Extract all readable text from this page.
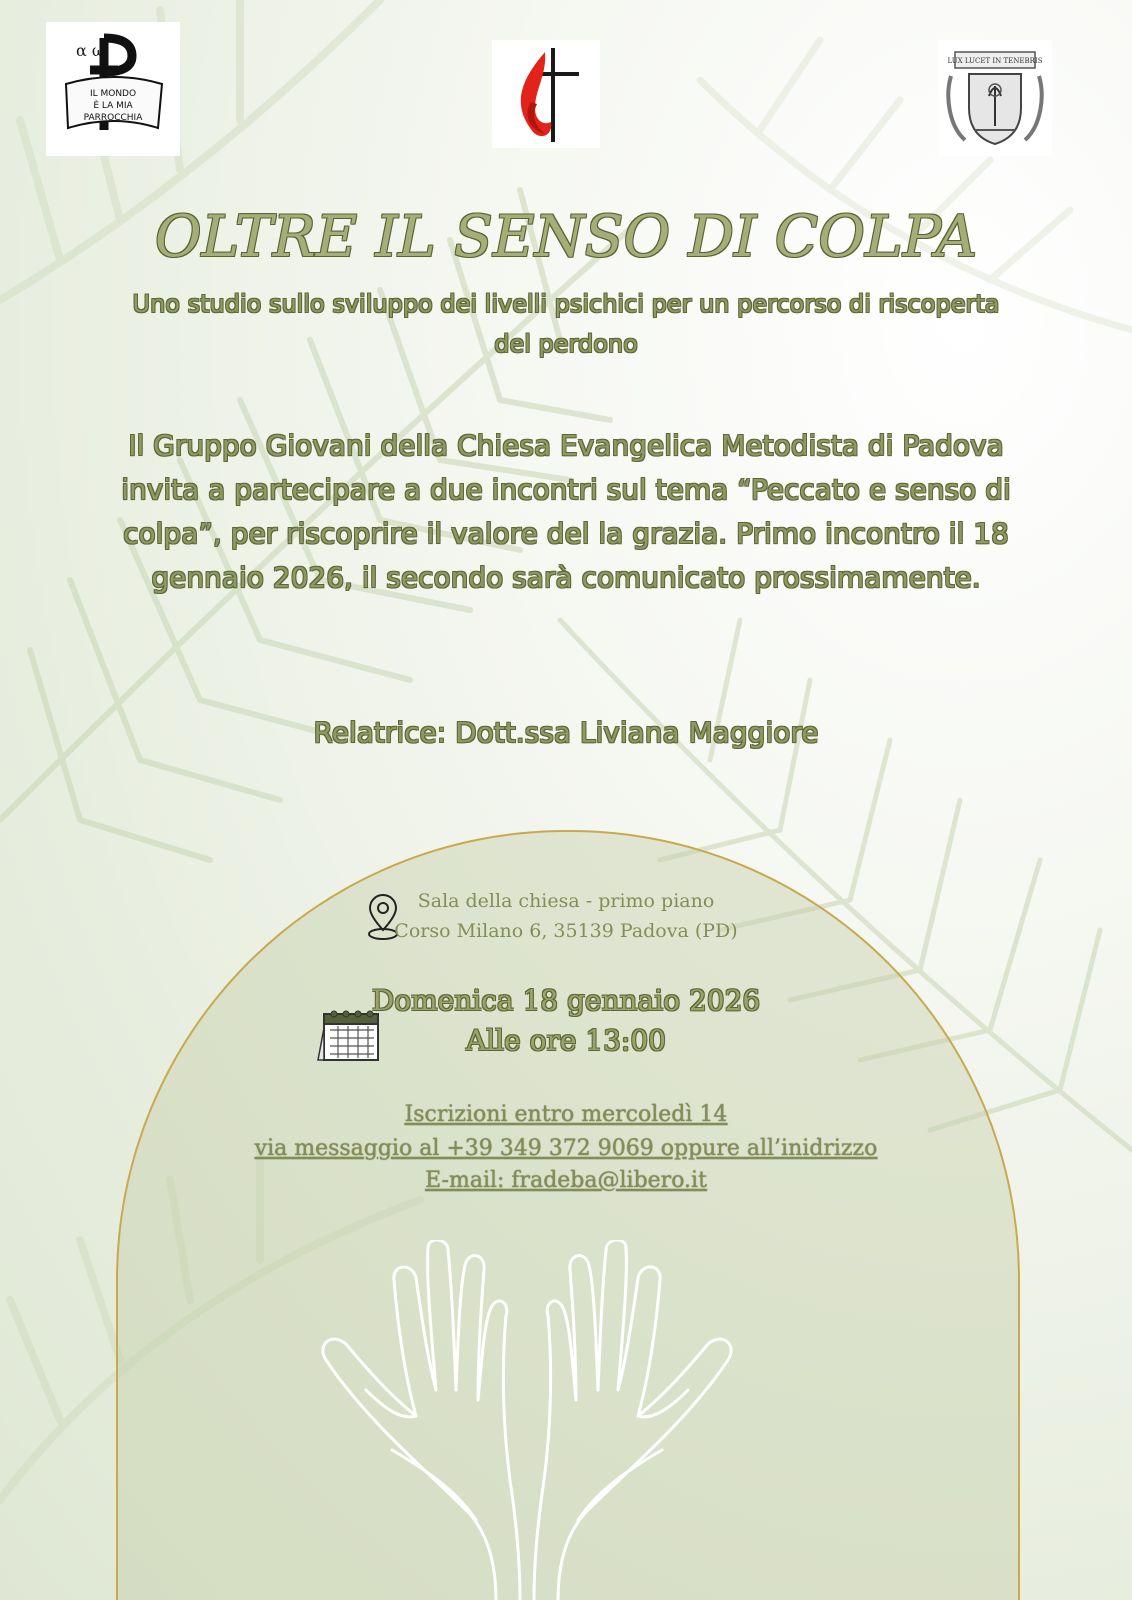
α ω
IL MONDO
È LA MIA
PARROCCHIA
LUX LUCET IN TENEBRIS
OLTRE IL SENSO DI COLPA
Uno studio sullo sviluppo dei livelli psichici per un percorso di riscoperta
del perdono
Il Gruppo Giovani della Chiesa Evangelica Metodista di Padova
invita a partecipare a due incontri sul tema “Peccato e senso di
colpa”, per riscoprire il valore del la grazia. Primo incontro il 18
gennaio 2026, il secondo sarà comunicato prossimamente.
Relatrice: Dott.ssa Liviana Maggiore
Sala della chiesa - primo piano
Corso Milano 6, 35139 Padova (PD)
Domenica 18 gennaio 2026
Alle ore 13:00
Iscrizioni entro mercoledì 14
via messaggio al +39 349 372 9069 oppure all’inidrizzo
E-mail: fradeba@libero.it
